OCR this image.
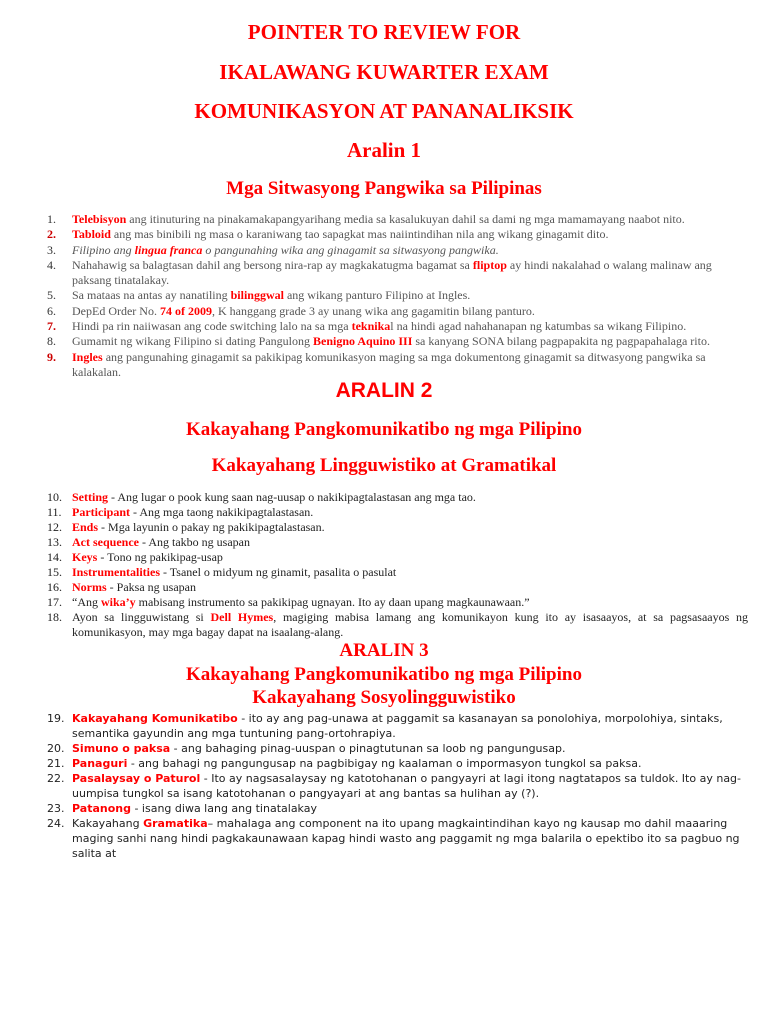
POINTER TO REVIEW FOR
IKALAWANG KUWARTER EXAM
KOMUNIKASYON AT PANANALIKSIK
Aralin 1
Mga Sitwasyong Pangwika sa Pilipinas
1.	Telebisyon ang itinuturing na pinakamakapangyarihang media sa kasalukuyan dahil sa dami ng mga mamamayang naabot nito.
2.	Tabloid ang mas binibili ng masa o karaniwang tao sapagkat mas naiintindihan nila ang wikang ginagamit dito.
3.	Filipino ang lingua franca o pangunahing wika ang ginagamit sa sitwasyong pangwika.
4.	Nahahawig sa balagtasan dahil ang bersong nira-rap ay magkakatugma bagamat sa fliptop ay hindi nakalahad o walang malinaw ang paksang tinatalakay.
5.	Sa mataas na antas ay nanatiling bilinggwal ang wikang panturo Filipino at Ingles.
6.	DepEd Order No. 74 of 2009, K hanggang grade 3 ay unang wika ang gagamitin bilang panturo.
7.	Hindi pa rin naiiwasan ang code switching lalo na sa mga teknikal na hindi agad nahahanapan ng katumbas sa wikang Filipino.
8.	Gumamit ng wikang Filipino si dating Pangulong Benigno Aquino III sa kanyang SONA bilang pagpapakita ng pagpapahalaga rito.
9.	Ingles ang pangunahing ginagamit sa pakikipag komunikasyon maging sa mga dokumentong ginagamit sa ditwasyong pangwika sa kalakalan.
ARALIN 2
Kakayahang Pangkomunikatibo ng mga Pilipino
Kakayahang Lingguwistiko at Gramatikal
10. Setting - Ang lugar o pook kung saan nag-uusap o nakikipagtalastasan ang mga tao.
11. Participant - Ang mga taong nakikipagtalastasan.
12. Ends - Mga layunin o pakay ng pakikipagtalastasan.
13. Act sequence - Ang takbo ng usapan
14. Keys - Tono ng pakikipag-usap
15. Instrumentalities - Tsanel o midyum ng ginamit, pasalita o pasulat
16. Norms - Paksa ng usapan
17. “Ang wika’y mabisang instrumento sa pakikipag ugnayan. Ito ay daan upang magkaunawaan.”
18. Ayon sa lingguwistang si Dell Hymes, magiging mabisa lamang ang komunikayon kung ito ay isasaayos, at sa pagsasaayos ng komunikasyon, may mga bagay dapat na isaalang-alang.
ARALIN 3
Kakayahang Pangkomunikatibo ng mga Pilipino
Kakayahang Sosyolingguwistiko
19. Kakayahang Komunikatibo - ito ay ang pag-unawa at paggamit sa kasanayan sa ponolohiya, morpolohiya, sintaks, semantika gayundin ang mga tuntuning pang-ortohrapiya.
20. Simuno o paksa - ang bahaging pinag-uuspan o pinagtutunan sa loob ng pangungusap.
21. Panaguri - ang bahagi ng pangungusap na pagbibigay ng kaalaman o impormasyon tungkol sa paksa.
22. Pasalaysay o Paturol - Ito ay nagsasalaysay ng katotohanan o pangyayri at lagi itong nagtatapos sa tuldok. Ito ay nag-uumpisa tungkol sa isang katotohanan o pangyayari at ang bantas sa hulihan ay (?).
23. Patanong - isang diwa lang ang tinatalakay
24. Kakayahang Gramatika– mahalaga ang component na ito upang magkaintindihan kayo ng kausap mo dahil maaaring maging sanhi nang hindi pagkakaunawaan kapag hindi wasto ang paggamit ng mga balarila o epektibo ito sa pagbuo ng salita at
